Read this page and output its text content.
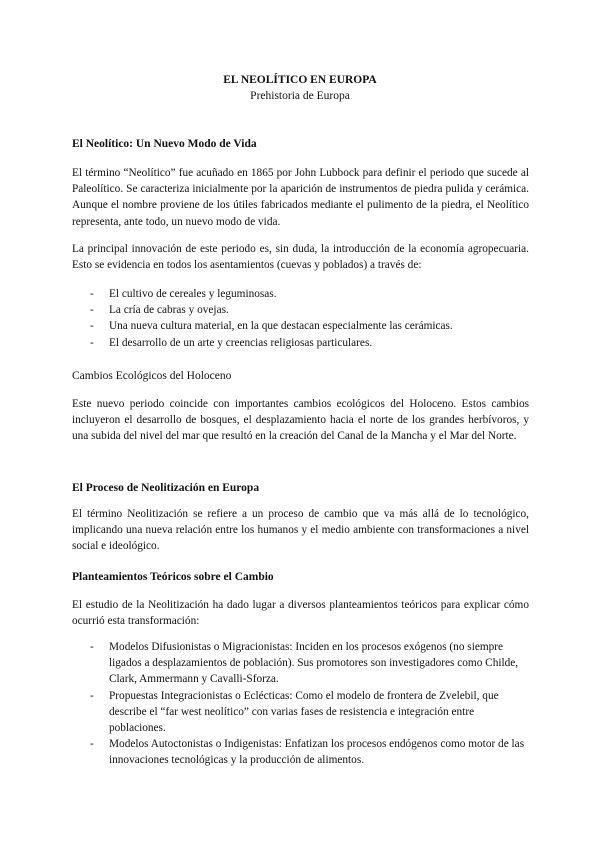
EL NEOLÍTICO EN EUROPA
Prehistoria de Europa
El Neolítico: Un Nuevo Modo de Vida

El término “Neolítico” fue acuñado en 1865 por John Lubbock para definir el periodo que sucede al Paleolítico. Se caracteriza inicialmente por la aparición de instrumentos de piedra pulida y cerámica. Aunque el nombre proviene de los útiles fabricados mediante el pulimento de la piedra, el Neolítico representa, ante todo, un nuevo modo de vida.

La principal innovación de este periodo es, sin duda, la introducción de la economía agropecuaria. Esto se evidencia en todos los asentamientos (cuevas y poblados) a través de:

- El cultivo de cereales y leguminosas.
- La cría de cabras y ovejas.
- Una nueva cultura material, en la que destacan especialmente las cerámicas.
- El desarrollo de un arte y creencias religiosas particulares.
Cambios Ecológicos del Holoceno

Este nuevo periodo coincide con importantes cambios ecológicos del Holoceno. Estos cambios incluyeron el desarrollo de bosques, el desplazamiento hacia el norte de los grandes herbívoros, y una subida del nivel del mar que resultó en la creación del Canal de la Mancha y el Mar del Norte.

El Proceso de Neolitización en Europa

El término Neolitización se refiere a un proceso de cambio que va más allá de lo tecnológico, implicando una nueva relación entre los humanos y el medio ambiente con transformaciones a nivel social e ideológico.

Planteamientos Teóricos sobre el Cambio

El estudio de la Neolitización ha dado lugar a diversos planteamientos teóricos para explicar cómo ocurrió esta transformación:

- Modelos Difusionistas o Migracionistas: Inciden en los procesos exógenos (no siempre ligados a desplazamientos de población). Sus promotores son investigadores como Childe, Clark, Ammermann y Cavalli-Sforza.
- Propuestas Integracionistas o Eclécticas: Como el modelo de frontera de Zvelebil, que describe el “far west neolítico” con varias fases de resistencia e integración entre poblaciones.
- Modelos Autoctonistas o Indigenistas: Enfatizan los procesos endógenos como motor de las innovaciones tecnológicas y la producción de alimentos.
